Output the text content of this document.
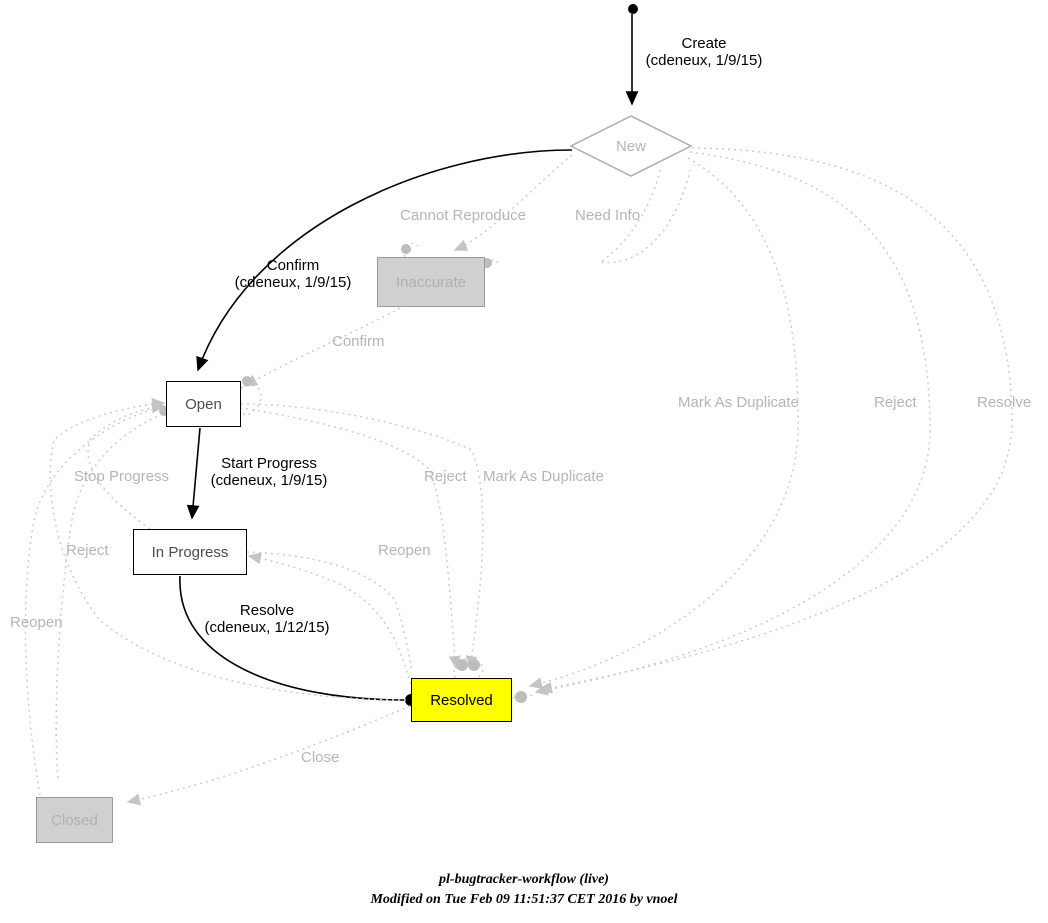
New
Inaccurate
Open
In Progress
Resolved
Closed
Create
(cdeneux, 1/9/15)
Cannot Reproduce	Need Info
Confirm
(cdeneux, 1/9/15)
Confirm
Mark As Duplicate	Reject	Resolve
Stop Progress
Start Progress
(cdeneux, 1/9/15)	Reject Mark As Duplicate
Reject	Reopen
Reopen
Resolve
(cdeneux, 1/12/15)
Close
pl-bugtracker-workflow (live)
Modified on Tue Feb 09 11:51:37 CET 2016 by vnoel
